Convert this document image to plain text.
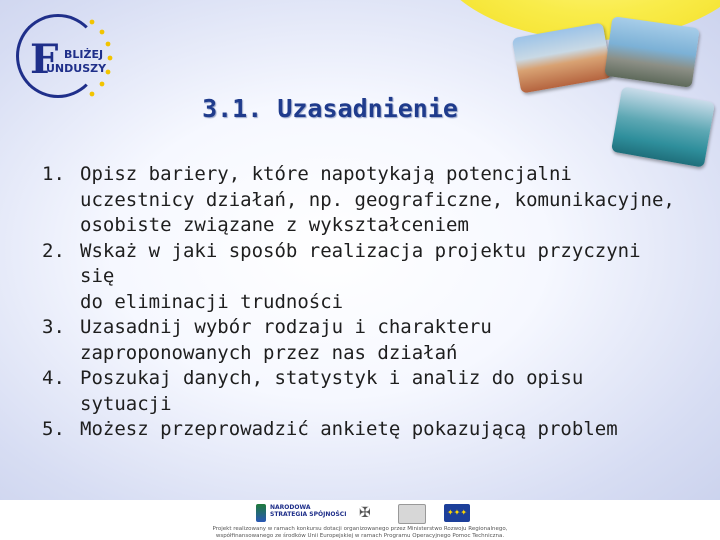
F BLIŻEJ
UNDUSZY
3.1. Uzasadnienie
1. Opisz bariery, które napotykają potencjalni
uczestnicy działań, np. geograficzne, komunikacyjne,
osobiste związane z wykształceniem
2. Wskaż w jaki sposób realizacja projektu przyczyni się
do eliminacji trudności
3. Uzasadnij wybór rodzaju i charakteru
zaproponowanych przez nas działań
4. Poszukaj danych, statystyk i analiz do opisu sytuacji
5. Możesz przeprowadzić ankietę pokazującą problem
NARODOWA
STRATEGIA SPÓJNOŚCI ✠	✦✦✦
Projekt realizowany w ramach konkursu dotacji organizowanego przez Ministerstwo Rozwoju Regionalnego,
współfinansowanego ze środków Unii Europejskiej w ramach Programu Operacyjnego Pomoc Techniczna.
